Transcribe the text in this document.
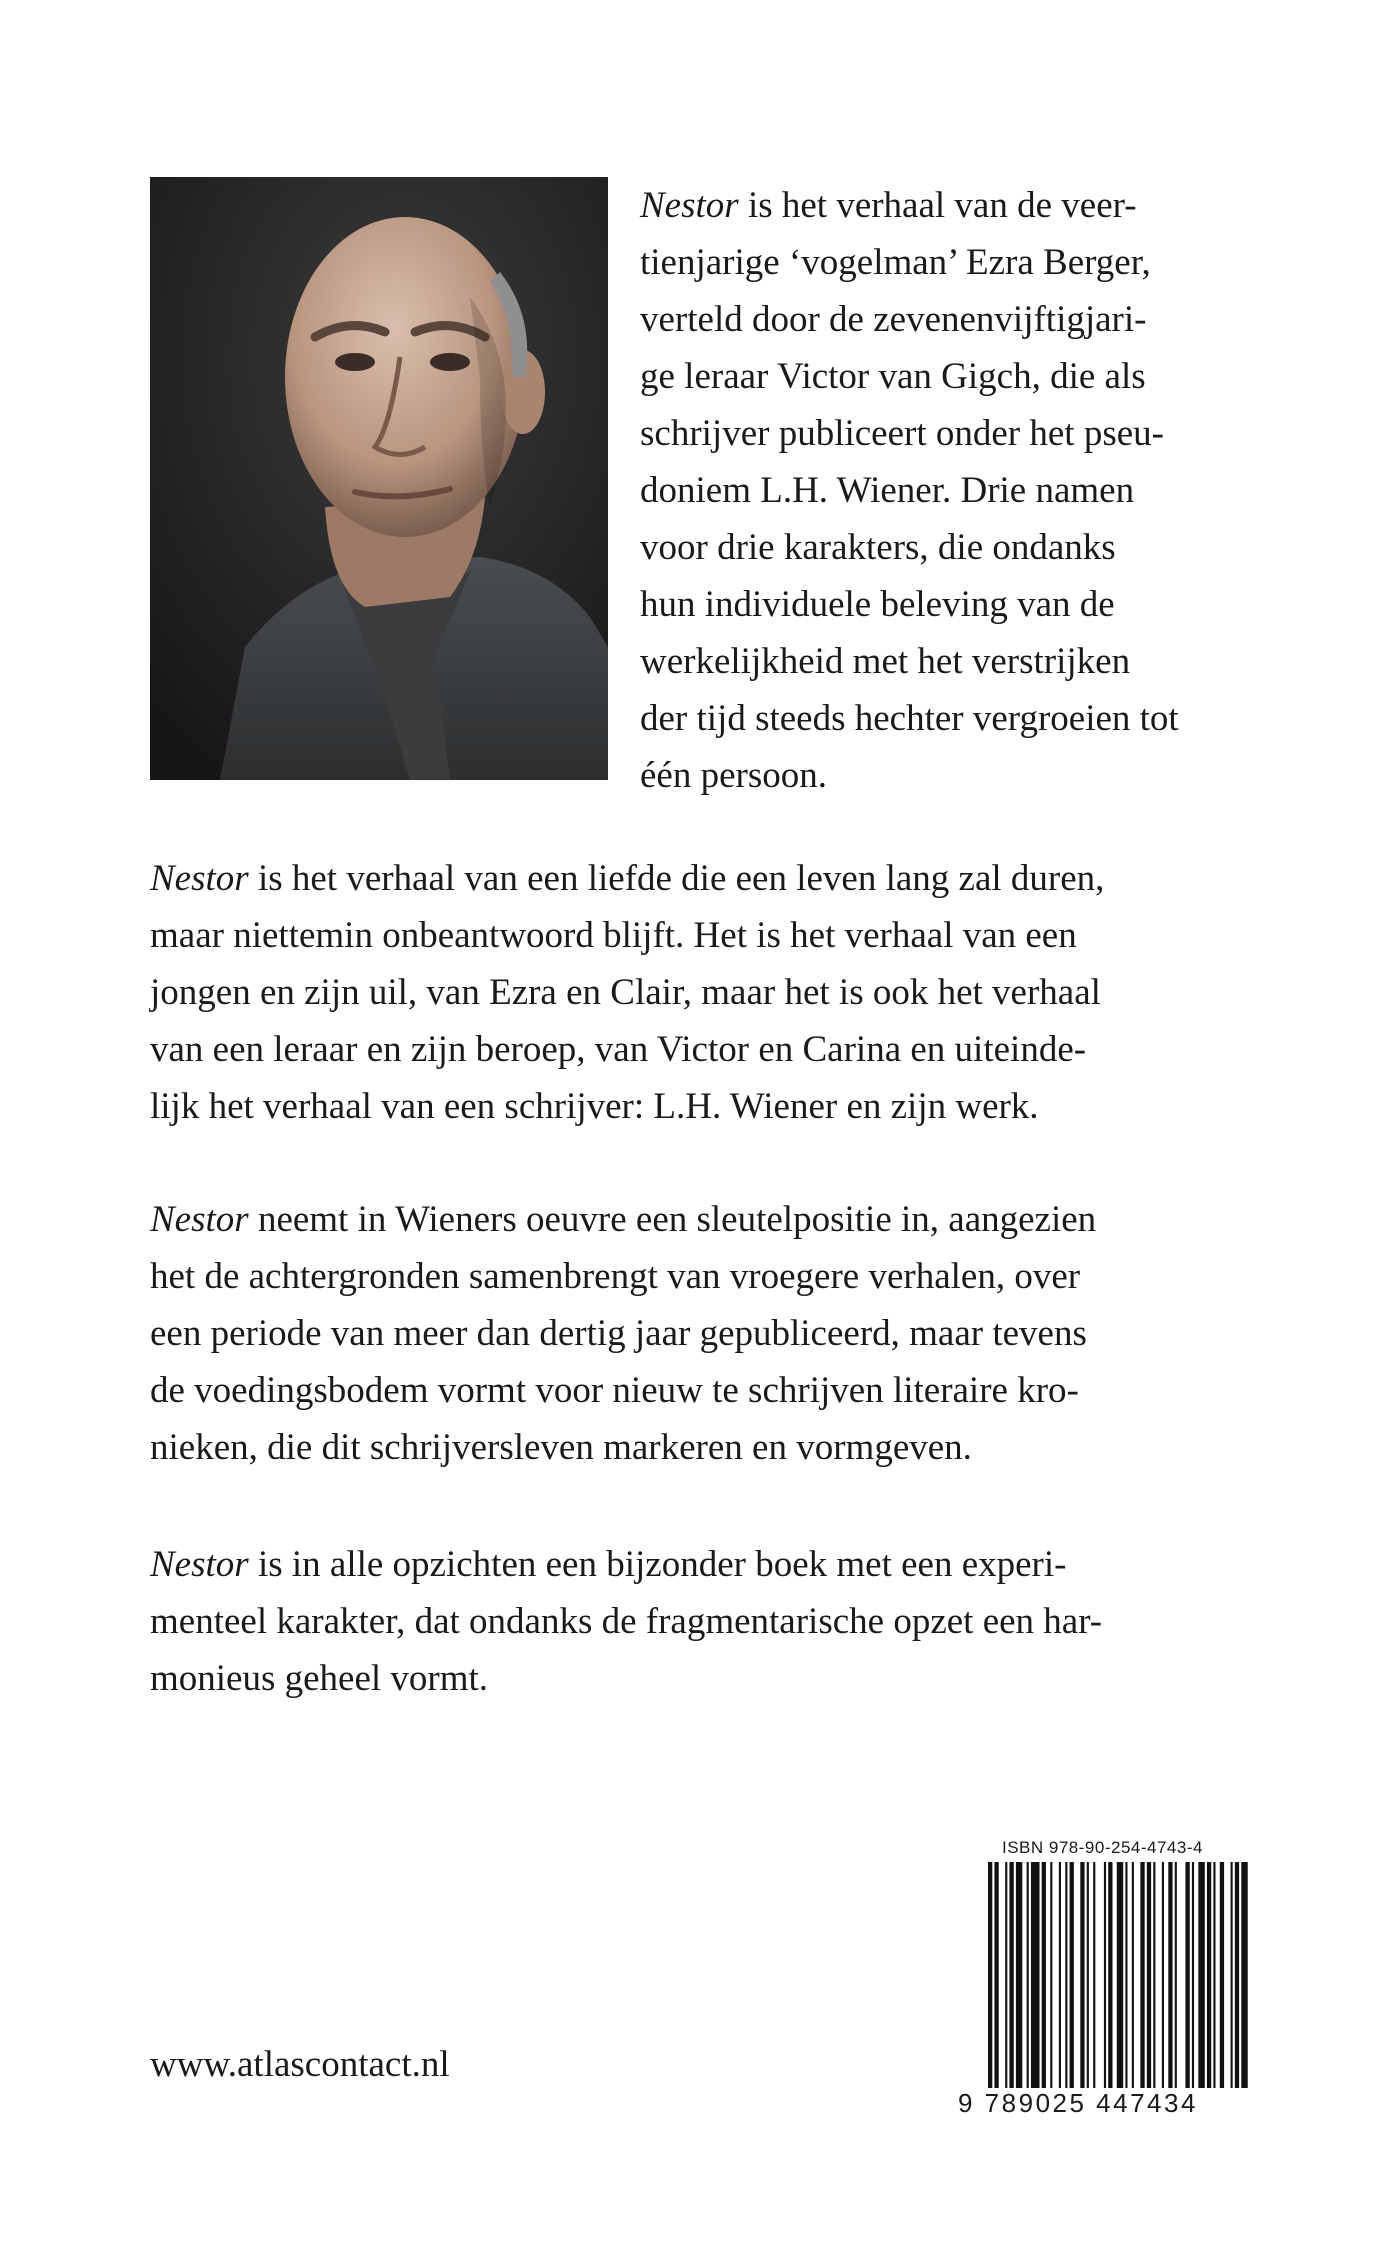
Nestor is het verhaal van de veer-
tienjarige ‘vogelman’ Ezra Berger,
verteld door de zevenenvijftigjari-
ge leraar Victor van Gigch, die als
schrijver publiceert onder het pseu-
doniem L.H. Wiener. Drie namen
voor drie karakters, die ondanks
hun individuele beleving van de
werkelijkheid met het verstrijken
der tijd steeds hechter vergroeien tot
één persoon.
Nestor is het verhaal van een liefde die een leven lang zal duren,
maar niettemin onbeantwoord blijft. Het is het verhaal van een
jongen en zijn uil, van Ezra en Clair, maar het is ook het verhaal
van een leraar en zijn beroep, van Victor en Carina en uiteinde-
lijk het verhaal van een schrijver: L.H. Wiener en zijn werk.
Nestor neemt in Wieners oeuvre een sleutelpositie in, aangezien
het de achtergronden samenbrengt van vroegere verhalen, over
een periode van meer dan dertig jaar gepubliceerd, maar tevens
de voedingsbodem vormt voor nieuw te schrijven literaire kro-
nieken, die dit schrijversleven markeren en vormgeven.
Nestor is in alle opzichten een bijzonder boek met een experi-
menteel karakter, dat ondanks de fragmentarische opzet een har-
monieus geheel vormt.
www.atlascontact.nl
ISBN 978-90-254-4743-4
9 789025 447434
